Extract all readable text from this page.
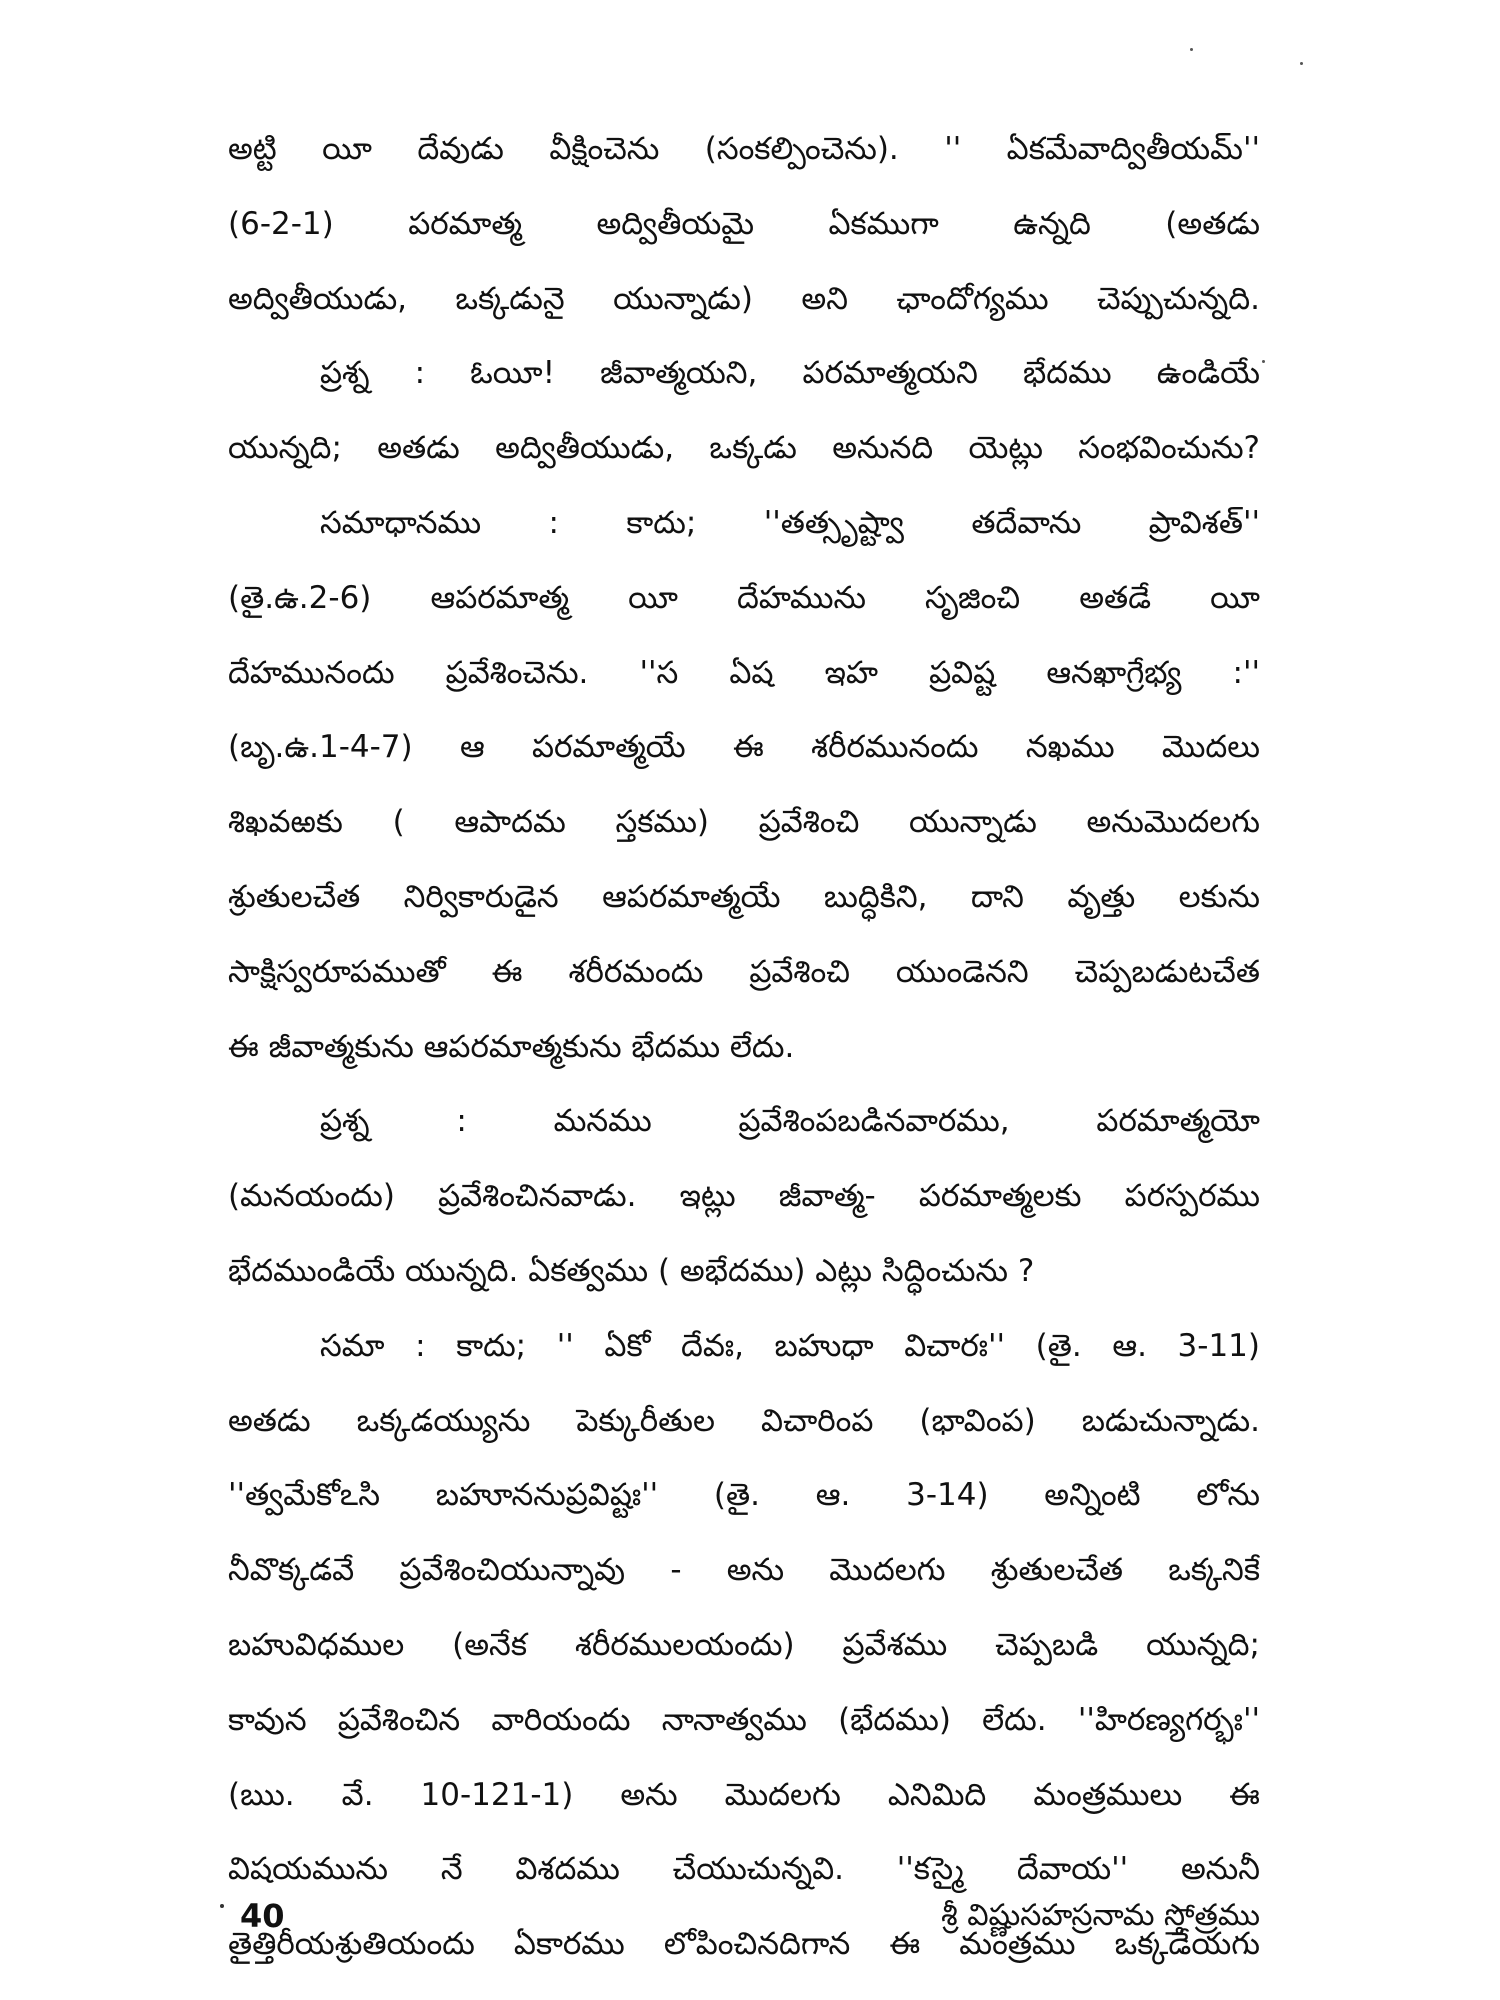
అట్టి యీ దేవుడు వీక్షించెను (సంకల్పించెను). '' ఏకమేవాద్వితీయమ్''
(6-2-1) పరమాత్మ అద్వితీయమై ఏకముగా ఉన్నది (అతడు
అద్వితీయుడు, ఒక్కడునై యున్నాడు) అని ఛాందోగ్యము చెప్పుచున్నది.
ప్రశ్న : ఓయీ! జీవాత్మయని, పరమాత్మయని భేదము ఉండియే
యున్నది; అతడు అద్వితీయుడు, ఒక్కడు అనునది యెట్లు సంభవించును?
సమాధానము : కాదు; ''తత్సృష్ట్వా తదేవాను ప్రావిశత్''
(తై.ఉ.2-6) ఆపరమాత్మ యీ దేహమును సృజించి అతడే యీ
దేహమునందు ప్రవేశించెను. ''స ఏష ఇహ ప్రవిష్ట ఆనఖాగ్రేభ్య :''
(బృ.ఉ.1-4-7) ఆ పరమాత్మయే ఈ శరీరమునందు నఖము మొదలు
శిఖవఱకు ( ఆపాదమ స్తకము) ప్రవేశించి యున్నాడు అనుమొదలగు
శ్రుతులచేత నిర్వికారుడైన ఆపరమాత్మయే బుద్ధికిని, దాని వృత్తు లకును
సాక్షిస్వరూపముతో ఈ శరీరమందు ప్రవేశించి యుండెనని చెప్పబడుటచేత
ఈ జీవాత్మకును ఆపరమాత్మకును భేదము లేదు.
ప్రశ్న : మనము ప్రవేశింపబడినవారము, పరమాత్మయో
(మనయందు) ప్రవేశించినవాడు. ఇట్లు జీవాత్మ- పరమాత్మలకు పరస్పరము
భేదముండియే యున్నది. ఏకత్వము ( అభేదము) ఎట్లు సిద్ధించును ?
సమా : కాదు; '' ఏకో దేవః, బహుధా విచారః'' (తై. ఆ. 3-11)
అతడు ఒక్కడయ్యును పెక్కురీతుల విచారింప (భావింప) బడుచున్నాడు.
''త్వమేకోఽసి బహూననుప్రవిష్టః'' (తై. ఆ. 3-14) అన్నింటి లోను
నీవొక్కడవే ప్రవేశించియున్నావు - అను మొదలగు శ్రుతులచేత ఒక్కనికే
బహువిధముల (అనేక శరీరములయందు) ప్రవేశము చెప్పబడి యున్నది;
కావున ప్రవేశించిన వారియందు నానాత్వము (భేదము) లేదు. ''హిరణ్యగర్భః''
(ఋ. వే. 10-121-1) అను మొదలగు ఎనిమిది మంత్రములు ఈ
విషయమును నే విశదము చేయుచున్నవి. ''కస్మై దేవాయ'' అనునీ
తైత్తిరీయశ్రుతియందు ఏకారము లోపించినదిగాన ఈ మంత్రము ఒక్కడేయగు
40	శ్రీ విష్ణుసహస్రనామ స్తోత్రము
